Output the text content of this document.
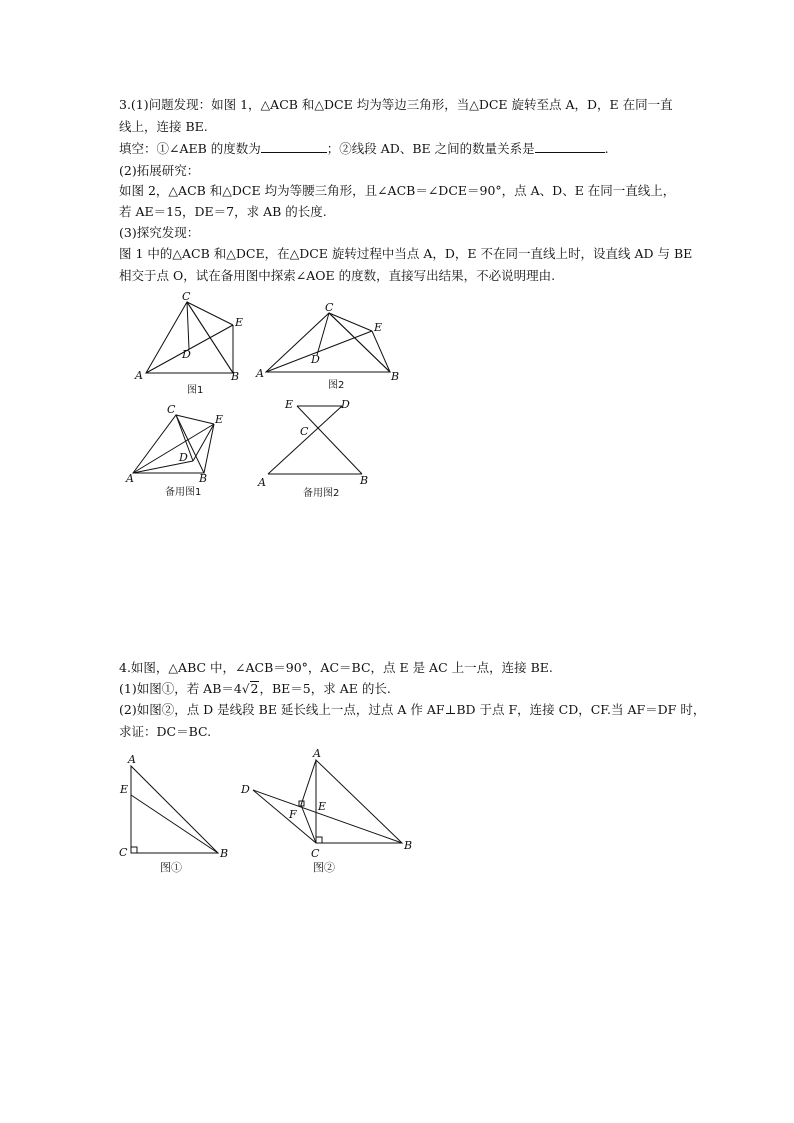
3.(1)问题发现：如图 1，△ACB 和△DCE 均为等边三角形，当△DCE 旋转至点 A，D，E 在同一直
线上，连接 BE.
填空：①∠AEB 的度数为	；②线段 AD、BE 之间的数量关系是	.
(2)拓展研究：
如图 2，△ACB 和△DCE 均为等腰三角形，且∠ACB＝∠DCE＝90°，点 A、D、E 在同一直线上，
若 AE＝15，DE＝7，求 AB 的长度.
(3)探究发现：
图 1 中的△ACB 和△DCE，在△DCE 旋转过程中当点 A，D，E 不在同一直线上时，设直线 AD 与 BE
相交于点 O，试在备用图中探索∠AOE 的度数，直接写出结果，不必说明理由.
C
E
D
A	B
图1
C
E
D
A	B
图2
C
E
D
A	B
备用图1
E	D
C
A	B
备用图2
4.如图，△ABC 中，∠ACB＝90°，AC＝BC，点 E 是 AC 上一点，连接 BE.
(1)如图①，若 AB＝4√2，BE＝5，求 AE 的长.
(2)如图②，点 D 是线段 BE 延长线上一点，过点 A 作 AF⊥BD 于点 F，连接 CD，CF.当 AF＝DF 时，
求证：DC＝BC.
A
E
C	B
图①
A
D
E
F
C
B
图②
